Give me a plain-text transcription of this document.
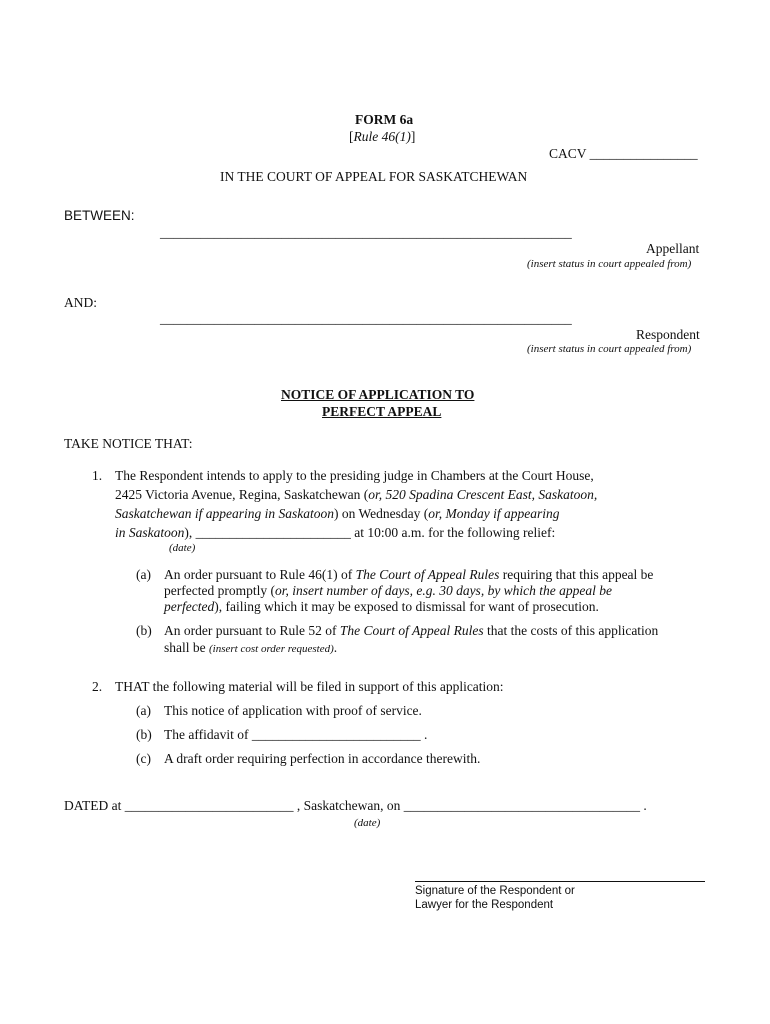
FORM 6a
[Rule 46(1)]
CACV ________________
IN THE COURT OF APPEAL FOR SASKATCHEWAN
BETWEEN:
_____________________________________________________________
Appellant
(insert status in court appealed from)
AND:
_____________________________________________________________
Respondent
(insert status in court appealed from)
NOTICE OF APPLICATION TO
PERFECT APPEAL
TAKE NOTICE THAT:
1. The Respondent intends to apply to the presiding judge in Chambers at the Court House,
2425 Victoria Avenue, Regina, Saskatchewan (or, 520 Spadina Crescent East, Saskatoon,
Saskatchewan if appearing in Saskatoon) on Wednesday (or, Monday if appearing
in Saskatoon), _______________________ at 10:00 a.m. for the following relief:
(date)
(a) An order pursuant to Rule 46(1) of The Court of Appeal Rules requiring that this appeal be
perfected promptly (or, insert number of days, e.g. 30 days, by which the appeal be
perfected), failing which it may be exposed to dismissal for want of prosecution.
(b) An order pursuant to Rule 52 of The Court of Appeal Rules that the costs of this application
shall be (insert cost order requested).
2. THAT the following material will be filed in support of this application:
(a) This notice of application with proof of service.
(b) The affidavit of _________________________ .
(c) A draft order requiring perfection in accordance therewith.
DATED at _________________________ , Saskatchewan, on ___________________________________ .
(date)
Signature of the Respondent or
Lawyer for the Respondent
